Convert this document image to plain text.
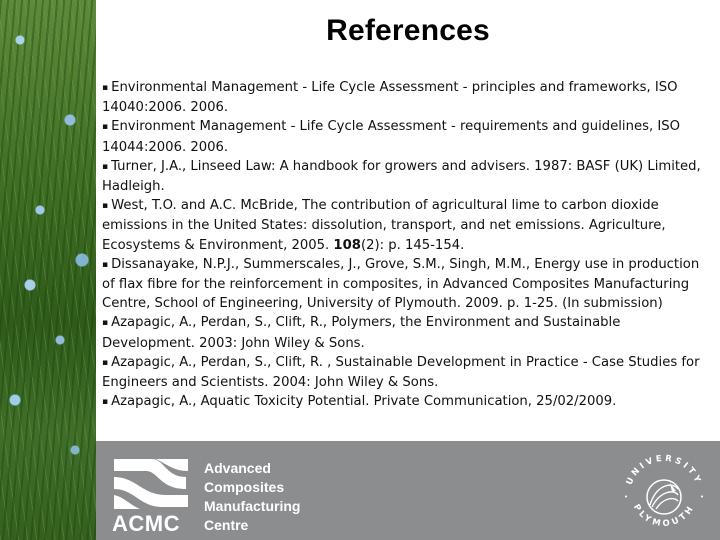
References
▪ Environmental Management - Life Cycle Assessment - principles and frameworks, ISO 14040:2006. 2006.
▪ Environment Management - Life Cycle Assessment - requirements and guidelines, ISO 14044:2006. 2006.
▪ Turner, J.A., Linseed Law: A handbook for growers and advisers. 1987: BASF (UK) Limited, Hadleigh.
▪ West, T.O. and A.C. McBride, The contribution of agricultural lime to carbon dioxide emissions in the United States: dissolution, transport, and net emissions. Agriculture, Ecosystems & Environment, 2005. 108(2): p. 145-154.
▪ Dissanayake, N.P.J., Summerscales, J., Grove, S.M., Singh, M.M., Energy use in production of flax fibre for the reinforcement in composites, in Advanced Composites Manufacturing Centre, School of Engineering, University of Plymouth. 2009. p. 1-25. (In submission)
▪ Azapagic, A., Perdan, S., Clift, R., Polymers, the Environment and Sustainable Development. 2003: John Wiley & Sons.
▪ Azapagic, A., Perdan, S., Clift, R. , Sustainable Development in Practice - Case Studies for Engineers and Scientists. 2004: John Wiley & Sons.
▪ Azapagic, A., Aquatic Toxicity Potential. Private Communication, 25/02/2009.
ACMC
Advanced
Composites
Manufacturing
Centre
UNIVERSITY
PLYMOUTH
•	•
